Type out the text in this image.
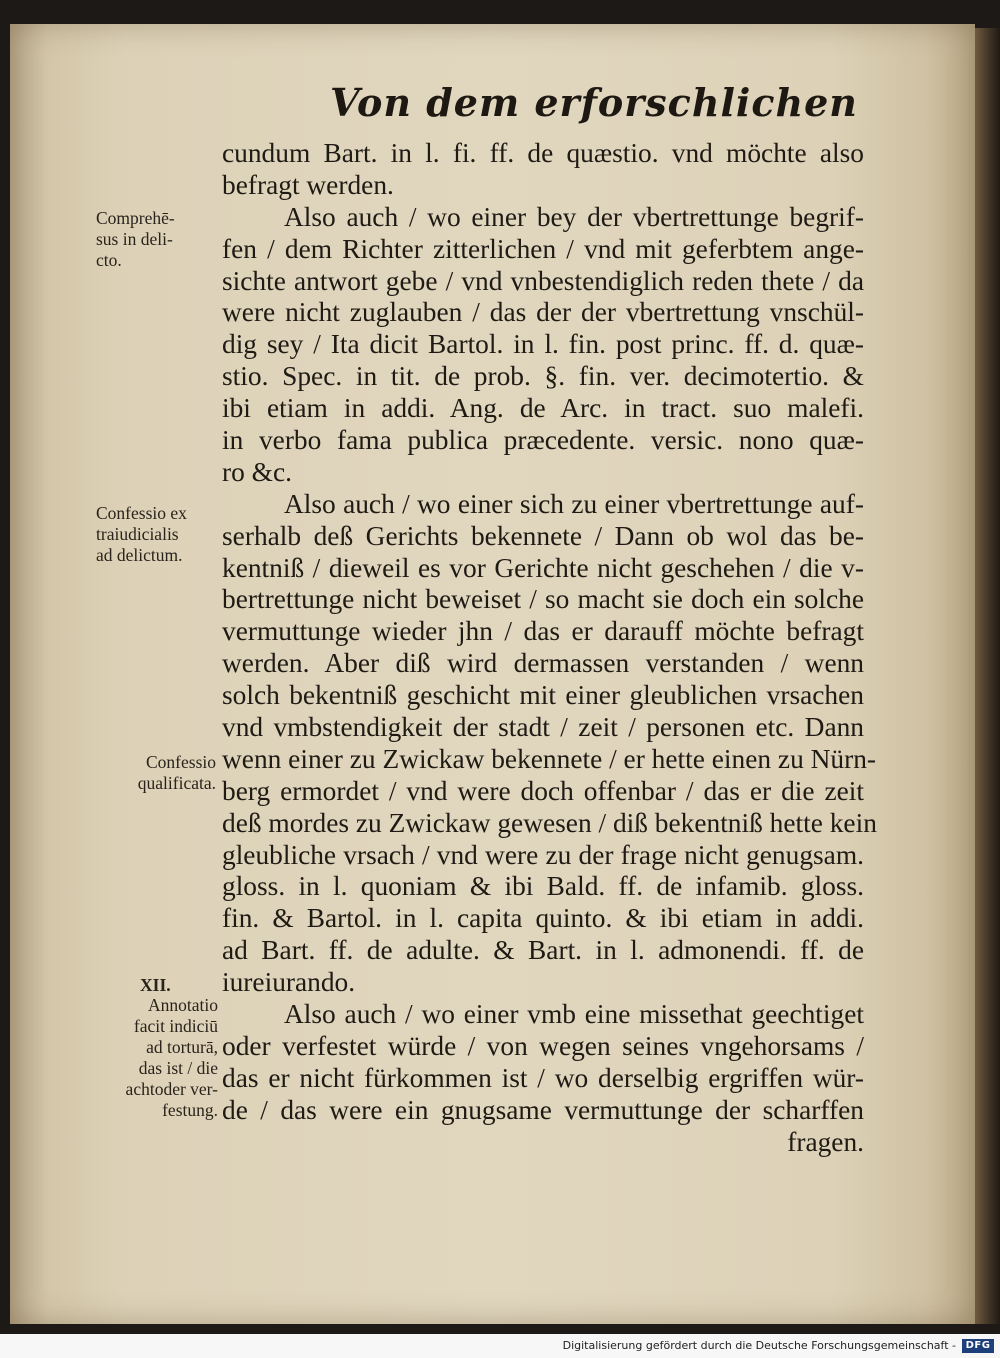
Von dem erforschlichen
cundum Bart. in l. fi. ff. de quæstio. vnd möchte also
befragt werden.
Also auch / wo einer bey der vbertrettunge begrif-
fen / dem Richter zitterlichen / vnd mit geferbtem ange-
sichte antwort gebe / vnd vnbestendiglich reden thete / da
were nicht zuglauben / das der der vbertrettung vnschül-
dig sey / Ita dicit Bartol. in l. fin. post princ. ff. d. quæ-
stio. Spec. in tit. de prob. §. fin. ver. decimotertio. &
ibi etiam in addi. Ang. de Arc. in tract. suo malefi.
in verbo fama publica præcedente. versic. nono quæ-
ro &c.
Also auch / wo einer sich zu einer vbertrettunge auf-
serhalb deß Gerichts bekennete / Dann ob wol das be-
kentniß / dieweil es vor Gerichte nicht geschehen / die v-
bertrettunge nicht beweiset / so macht sie doch ein solche
vermuttunge wieder jhn / das er darauff möchte befragt
werden. Aber diß wird dermassen verstanden / wenn
solch bekentniß geschicht mit einer gleublichen vrsachen
vnd vmbstendigkeit der stadt / zeit / personen etc. Dann
wenn einer zu Zwickaw bekennete / er hette einen zu Nürn-
berg ermordet / vnd were doch offenbar / das er die zeit
deß mordes zu Zwickaw gewesen / diß bekentniß hette kein
gleubliche vrsach / vnd were zu der frage nicht genugsam.
gloss. in l. quoniam & ibi Bald. ff. de infamib. gloss.
fin. & Bartol. in l. capita quinto. & ibi etiam in addi.
ad Bart. ff. de adulte. & Bart. in l. admonendi. ff. de
iureiurando.
Also auch / wo einer vmb eine missethat geechtiget
oder verfestet würde / von wegen seines vngehorsams /
das er nicht fürkommen ist / wo derselbig ergriffen wür-
de / das were ein gnugsame vermuttunge der scharffen
fragen.
Comprehē-
sus in deli-
cto.
Confessio ex
traiudicialis
ad delictum.
Confessio
qualificata.
XII.
Annotatio
facit indiciū
ad torturā,
das ist / die
achtoder ver-
festung.
Digitalisierung gefördert durch die Deutsche Forschungsgemeinschaft - DFG
